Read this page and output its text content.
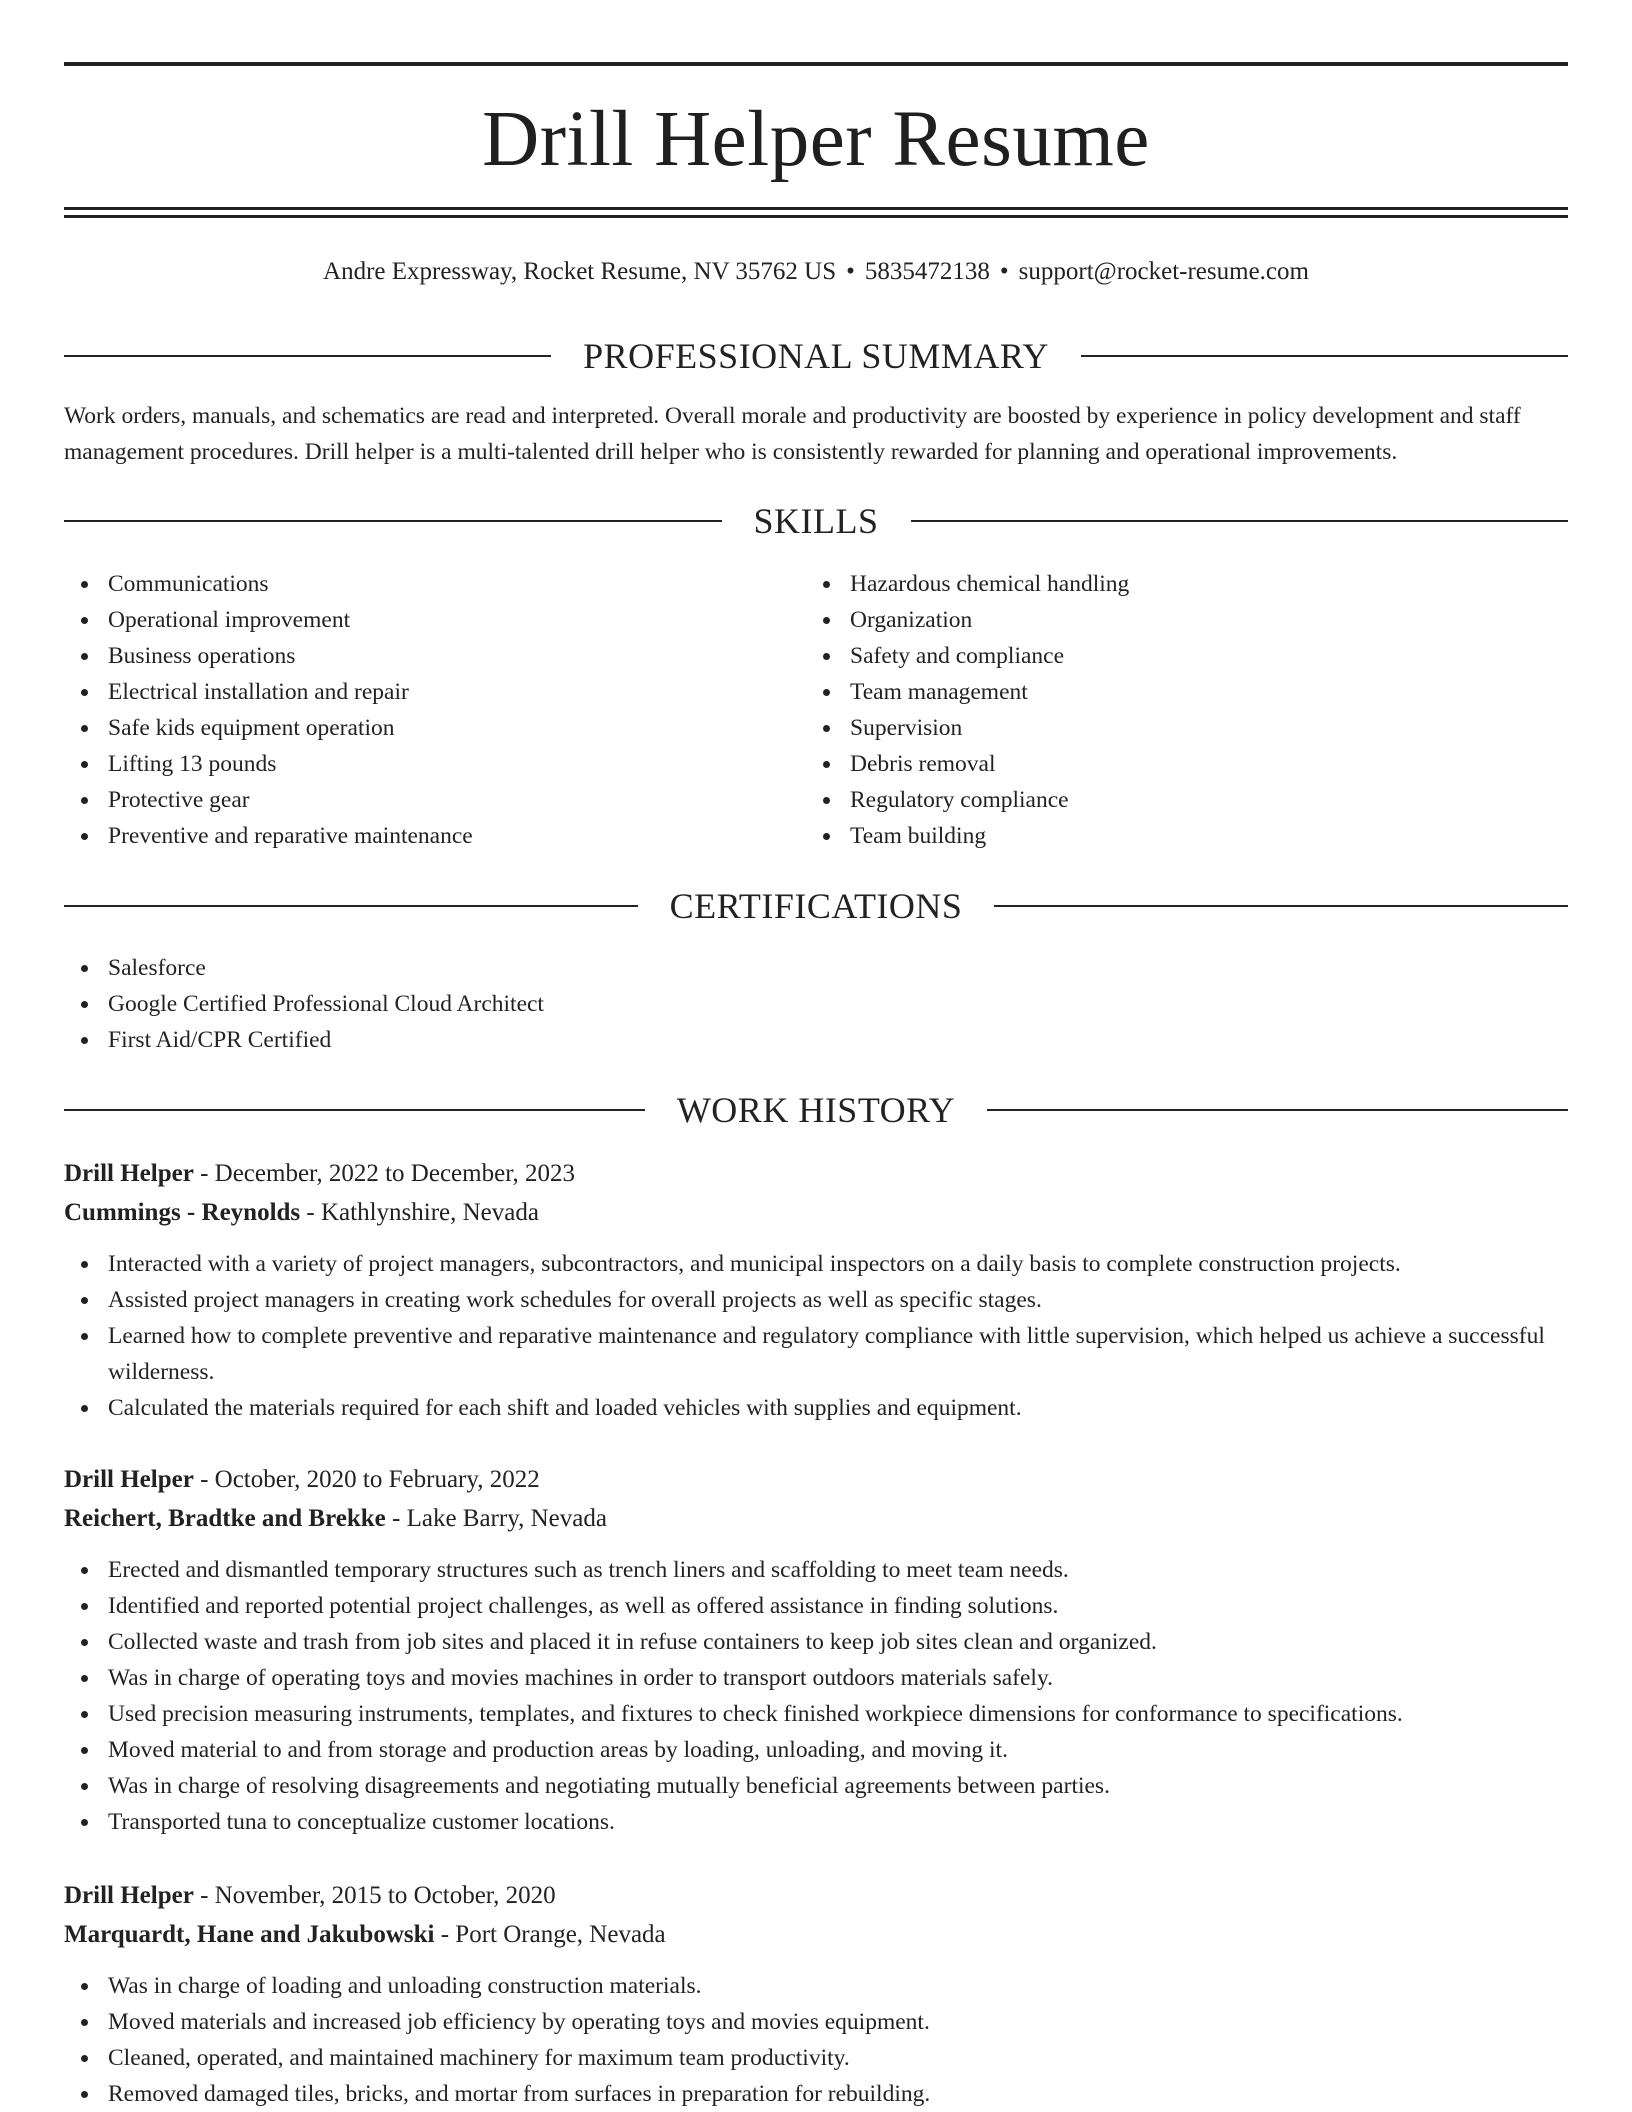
Drill Helper Resume
Andre Expressway, Rocket Resume, NV 35762 US • 5835472138 • support@rocket-resume.com
PROFESSIONAL SUMMARY
Work orders, manuals, and schematics are read and interpreted. Overall morale and productivity are boosted by experience in policy development and staff management procedures. Drill helper is a multi-talented drill helper who is consistently rewarded for planning and operational improvements.
SKILLS
Communications
Operational improvement
Business operations
Electrical installation and repair
Safe kids equipment operation
Lifting 13 pounds
Protective gear
Preventive and reparative maintenance
Hazardous chemical handling
Organization
Safety and compliance
Team management
Supervision
Debris removal
Regulatory compliance
Team building
CERTIFICATIONS
Salesforce
Google Certified Professional Cloud Architect
First Aid/CPR Certified
WORK HISTORY
Drill Helper - December, 2022 to December, 2023
Cummings - Reynolds - Kathlynshire, Nevada
Interacted with a variety of project managers, subcontractors, and municipal inspectors on a daily basis to complete construction projects.
Assisted project managers in creating work schedules for overall projects as well as specific stages.
Learned how to complete preventive and reparative maintenance and regulatory compliance with little supervision, which helped us achieve a successful wilderness.
Calculated the materials required for each shift and loaded vehicles with supplies and equipment.
Drill Helper - October, 2020 to February, 2022
Reichert, Bradtke and Brekke - Lake Barry, Nevada
Erected and dismantled temporary structures such as trench liners and scaffolding to meet team needs.
Identified and reported potential project challenges, as well as offered assistance in finding solutions.
Collected waste and trash from job sites and placed it in refuse containers to keep job sites clean and organized.
Was in charge of operating toys and movies machines in order to transport outdoors materials safely.
Used precision measuring instruments, templates, and fixtures to check finished workpiece dimensions for conformance to specifications.
Moved material to and from storage and production areas by loading, unloading, and moving it.
Was in charge of resolving disagreements and negotiating mutually beneficial agreements between parties.
Transported tuna to conceptualize customer locations.
Drill Helper - November, 2015 to October, 2020
Marquardt, Hane and Jakubowski - Port Orange, Nevada
Was in charge of loading and unloading construction materials.
Moved materials and increased job efficiency by operating toys and movies equipment.
Cleaned, operated, and maintained machinery for maximum team productivity.
Removed damaged tiles, bricks, and mortar from surfaces in preparation for rebuilding.
